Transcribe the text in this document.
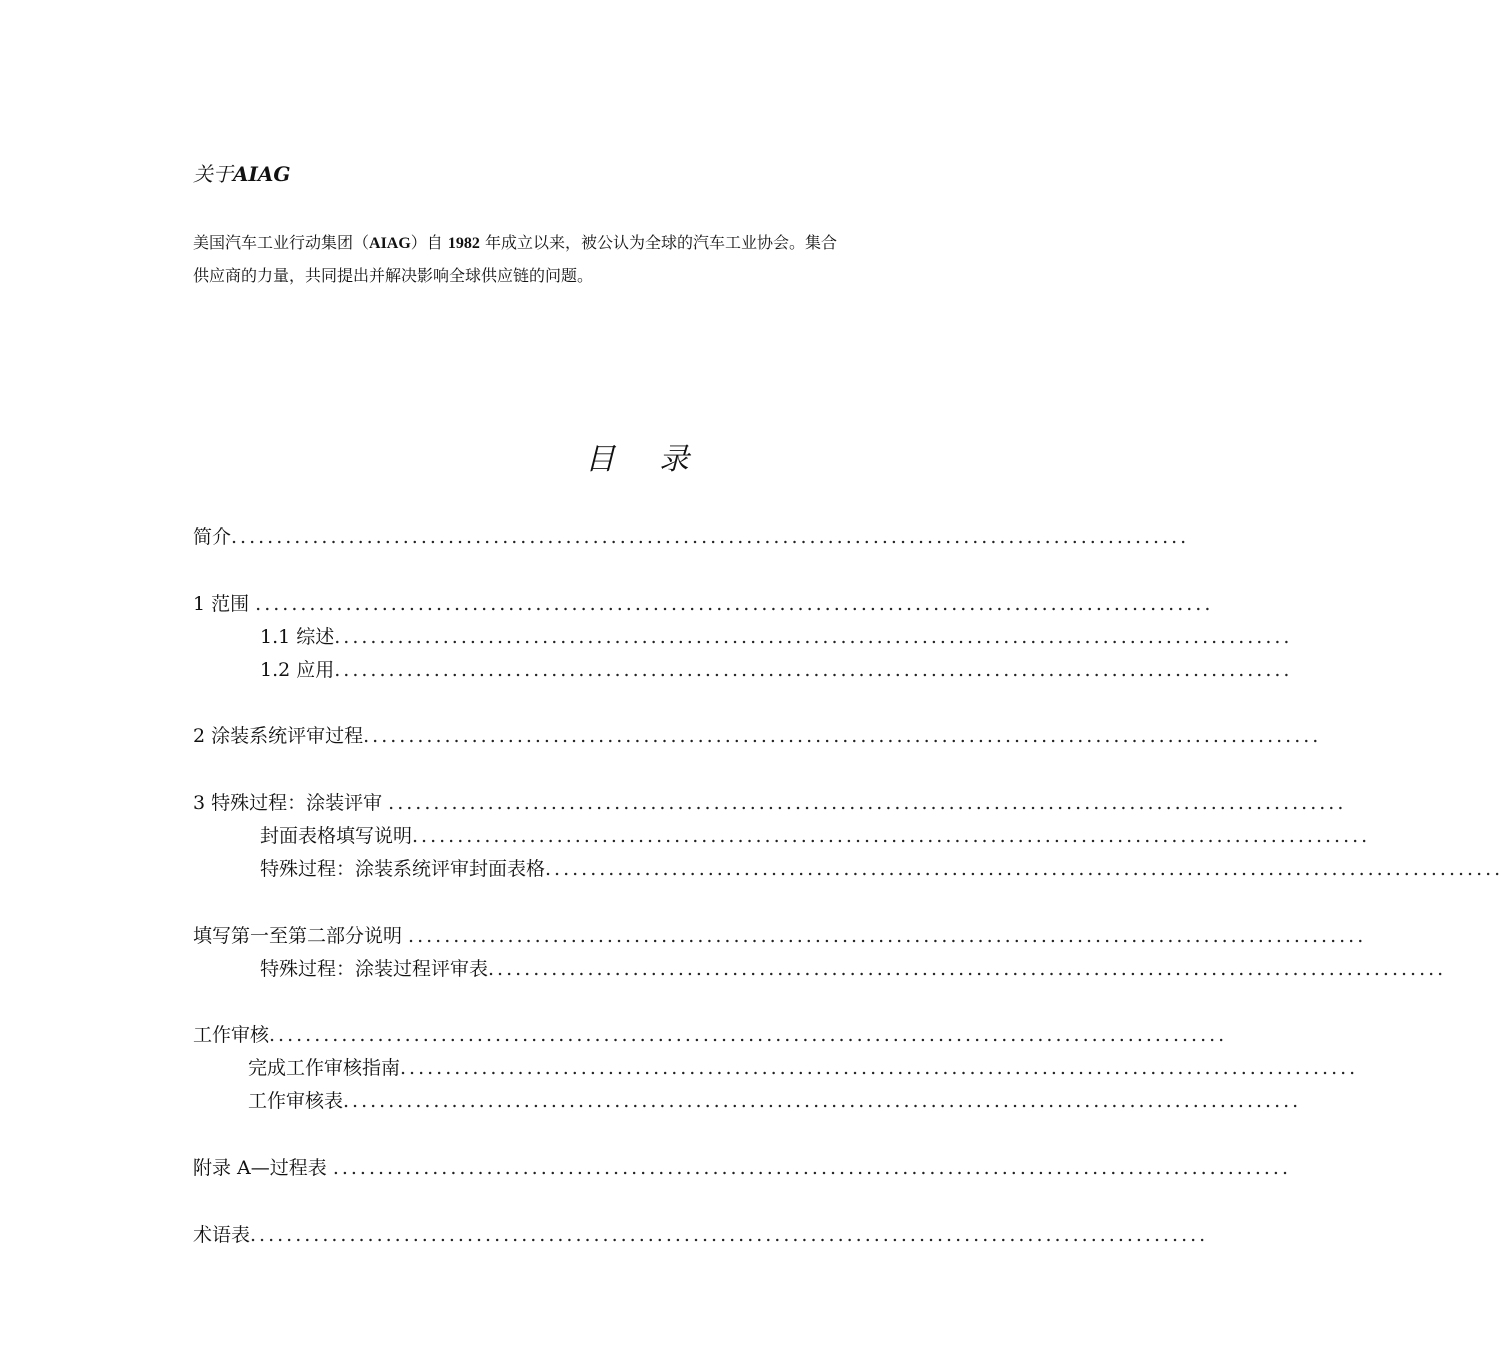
关于AIAG
美国汽车工业行动集团（AIAG）自 1982 年成立以来，被公认为全球的汽车工业协会。集合
供应商的力量，共同提出并解决影响全球供应链的问题。
目录
简介..........................................................................................................
1 范围 ..........................................................................................................
1.1 综述..........................................................................................................
1.2 应用..........................................................................................................
2 涂装系统评审过程..........................................................................................................
3 特殊过程：涂装评审 ..........................................................................................................
封面表格填写说明..........................................................................................................
特殊过程：涂装系统评审封面表格..........................................................................................................
填写第一至第二部分说明 ..........................................................................................................
特殊过程：涂装过程评审表..........................................................................................................
工作审核..........................................................................................................
完成工作审核指南..........................................................................................................
工作审核表..........................................................................................................
附录 A—过程表 ..........................................................................................................
术语表..........................................................................................................
